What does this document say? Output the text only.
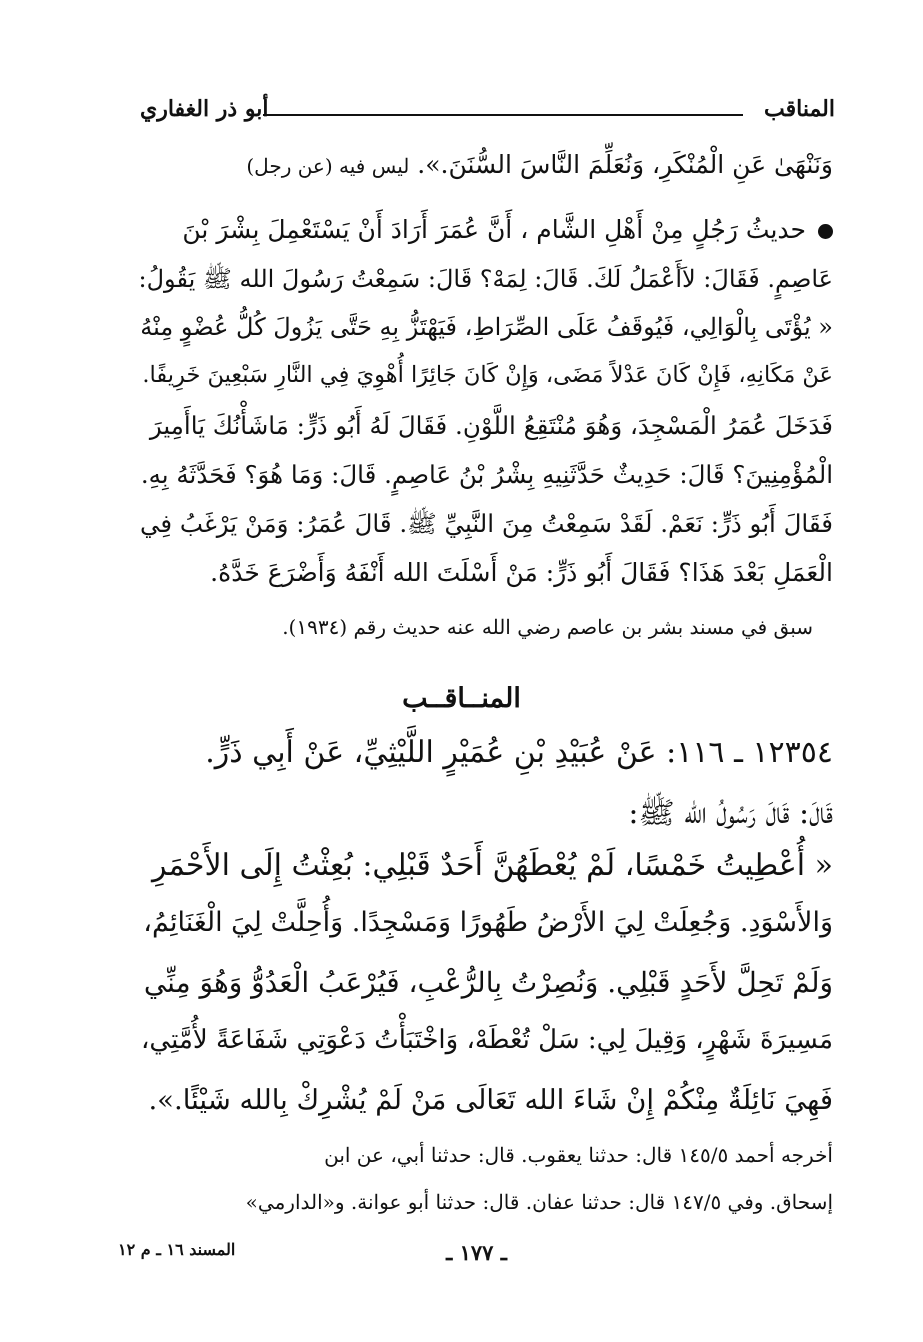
المناقب
أبو ذر الغفاري
وَنَنْهَىٰ عَنِ الْمُنْكَرِ، وَنُعَلِّمَ النَّاسَ السُّنَنَ.». ليس فيه (عن رجل)
حديثُ رَجُلٍ مِنْ أَهْلِ الشَّام ، أَنَّ عُمَرَ أَرَادَ أَنْ يَسْتَعْمِلَ بِشْرَ بْنَ
عَاصِمٍ. فَقَالَ: لاَأَعْمَلُ لَكَ. قَالَ: لِمَهْ؟ قَالَ: سَمِعْتُ رَسُولَ الله ﷺ يَقُولُ:
« يُؤْتَى بِالْوَالِي، فَيُوقَفُ عَلَى الصِّرَاطِ، فَيَهْتَزُّ بِهِ حَتَّى يَزُولَ كُلُّ عُضْوٍ مِنْهُ
عَنْ مَكَانِهِ، فَإِنْ كَانَ عَدْلاً مَضَى، وَإِنْ كَانَ جَائِرًا أُهْوِيَ فِي النَّارِ سَبْعِينَ خَرِيفًا.
فَدَخَلَ عُمَرُ الْمَسْجِدَ، وَهُوَ مُنْتَقِعُ اللَّوْنِ. فَقَالَ لَهُ أَبُو ذَرٍّ: مَاشَأْنُكَ يَاأَمِيرَ
الْمُؤْمِنِينَ؟ قَالَ: حَدِيثٌ حَدَّثَنِيهِ بِشْرُ بْنُ عَاصِمٍ. قَالَ: وَمَا هُوَ؟ فَحَدَّثَهُ بِهِ.
فَقَالَ أَبُو ذَرٍّ: نَعَمْ. لَقَدْ سَمِعْتُ مِنَ النَّبِيِّ ﷺ. قَالَ عُمَرُ: وَمَنْ يَرْغَبُ فِي
الْعَمَلِ بَعْدَ هَذَا؟ فَقَالَ أَبُو ذَرٍّ: مَنْ أَسْلَتَ الله أَنْفَهُ وَأَضْرَعَ خَدَّهُ.
سبق في مسند بشر بن عاصم رضي الله عنه حديث رقم (١٩٣٤).
المنــاقــب
١٢٣٥٤ ـ ١١٦: عَنْ عُبَيْدِ بْنِ عُمَيْرٍ اللَّيْثِيِّ، عَنْ أَبِي ذَرٍّ.
قَالَ: قَالَ رَسُولُ الله ﷺ:
« أُعْطِيتُ خَمْسًا، لَمْ يُعْطَهُنَّ أَحَدٌ قَبْلِي: بُعِثْتُ إِلَى الأَحْمَرِ
وَالأَسْوَدِ. وَجُعِلَتْ لِيَ الأَرْضُ طَهُورًا وَمَسْجِدًا. وَأُحِلَّتْ لِيَ الْغَنَائِمُ،
وَلَمْ تَحِلَّ لأَحَدٍ قَبْلِي. وَنُصِرْتُ بِالرُّعْبِ، فَيُرْعَبُ الْعَدُوُّ وَهُوَ مِنِّي
مَسِيرَةَ شَهْرٍ، وَقِيلَ لِي: سَلْ تُعْطَهْ، وَاخْتَبَأْتُ دَعْوَتِي شَفَاعَةً لأُمَّتِي،
فَهِيَ نَائِلَةٌ مِنْكُمْ إِنْ شَاءَ الله تَعَالَى مَنْ لَمْ يُشْرِكْ بِالله شَيْئًا.».
أخرجه أحمد ١٤٥/٥ قال: حدثنا يعقوب. قال: حدثنا أبي، عن ابن
إسحاق. وفي ١٤٧/٥ قال: حدثنا عفان. قال: حدثنا أبو عوانة. و«الدارمي»
ـ ١٧٧ ـ
المسند ١٦ ـ م ١٢
